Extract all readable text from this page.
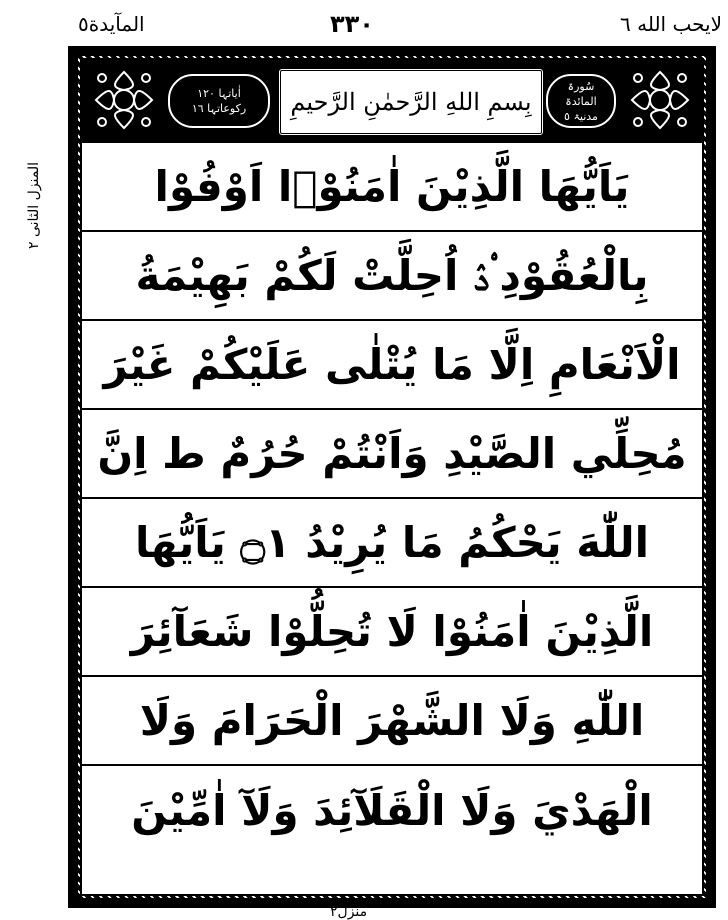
المآيدة٥	۳۳۰	لايحب الله ٦
المنزل الثانی ٢
اٰیاتہا ۱۲۰
رکوعاتہا ۱٦ بِسمِ اللهِ الرَّحمٰنِ الرَّحيمِ
سُورۃ
المائدۃ
مدنیۃ ٥
يَاَيُّهَا الَّذِيْنَ اٰمَنُوْۤا اَوْفُوْا
بِالْعُقُوْدِ ۟ۮ اُحِلَّتْ لَكُمْ بَهِيْمَةُ
الْاَنْعَامِ اِلَّا مَا يُتْلٰى عَلَيْكُمْ غَيْرَ
مُحِلِّي الصَّيْدِ وَاَنْتُمْ حُرُمٌ ط اِنَّ
اللّٰهَ يَحْكُمُ مَا يُرِيْدُ ۝١ يَاَيُّهَا
الَّذِيْنَ اٰمَنُوْا لَا تُحِلُّوْا شَعَآئِرَ
اللّٰهِ وَلَا الشَّهْرَ الْحَرَامَ وَلَا
الْهَدْيَ وَلَا الْقَلَآئِدَ وَلَآ اٰمِّيْنَ
منزل٢
